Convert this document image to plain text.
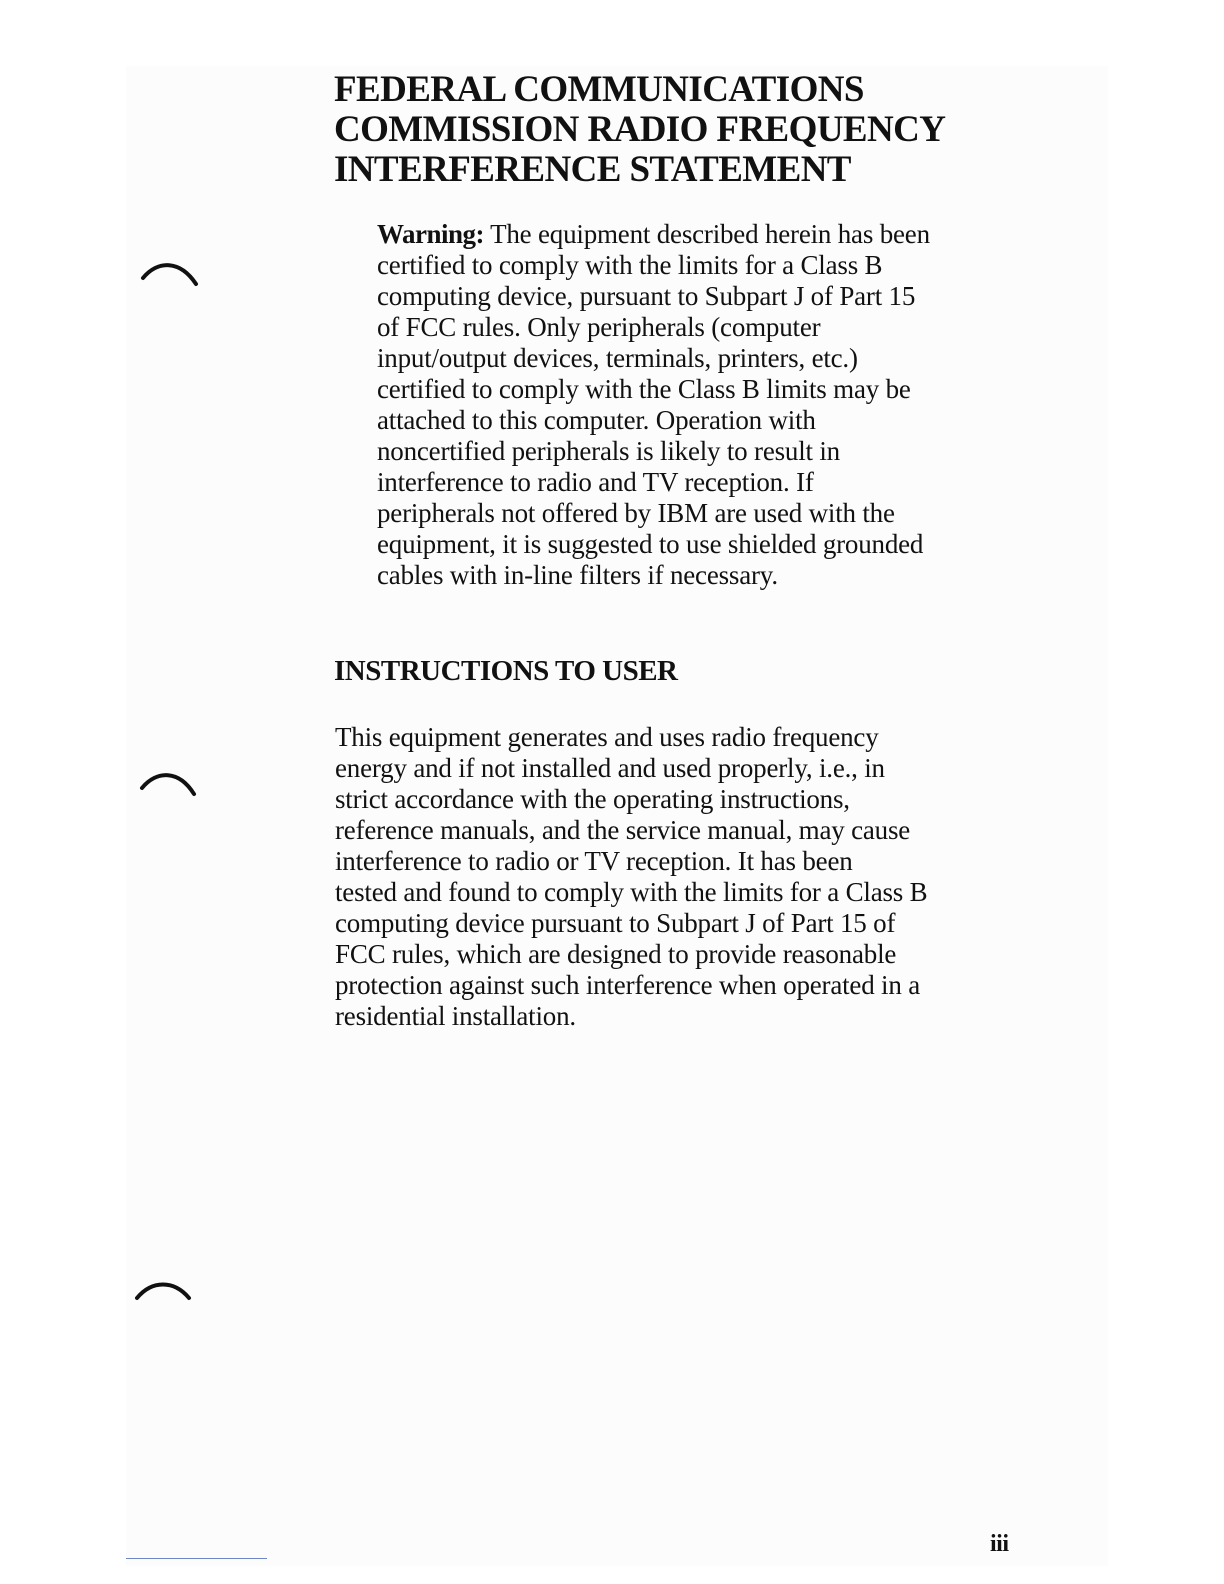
FEDERAL COMMUNICATIONS
COMMISSION RADIO FREQUENCY
INTERFERENCE STATEMENT
Warning: The equipment described herein has been
certified to comply with the limits for a Class B
computing device, pursuant to Subpart J of Part 15
of FCC rules. Only peripherals (computer
input/output devices, terminals, printers, etc.)
certified to comply with the Class B limits may be
attached to this computer. Operation with
noncertified peripherals is likely to result in
interference to radio and TV reception. If
peripherals not offered by IBM are used with the
equipment, it is suggested to use shielded grounded
cables with in-line filters if necessary.
INSTRUCTIONS TO USER
This equipment generates and uses radio frequency
energy and if not installed and used properly, i.e., in
strict accordance with the operating instructions,
reference manuals, and the service manual, may cause
interference to radio or TV reception. It has been
tested and found to comply with the limits for a Class B
computing device pursuant to Subpart J of Part 15 of
FCC rules, which are designed to provide reasonable
protection against such interference when operated in a
residential installation.
iii
